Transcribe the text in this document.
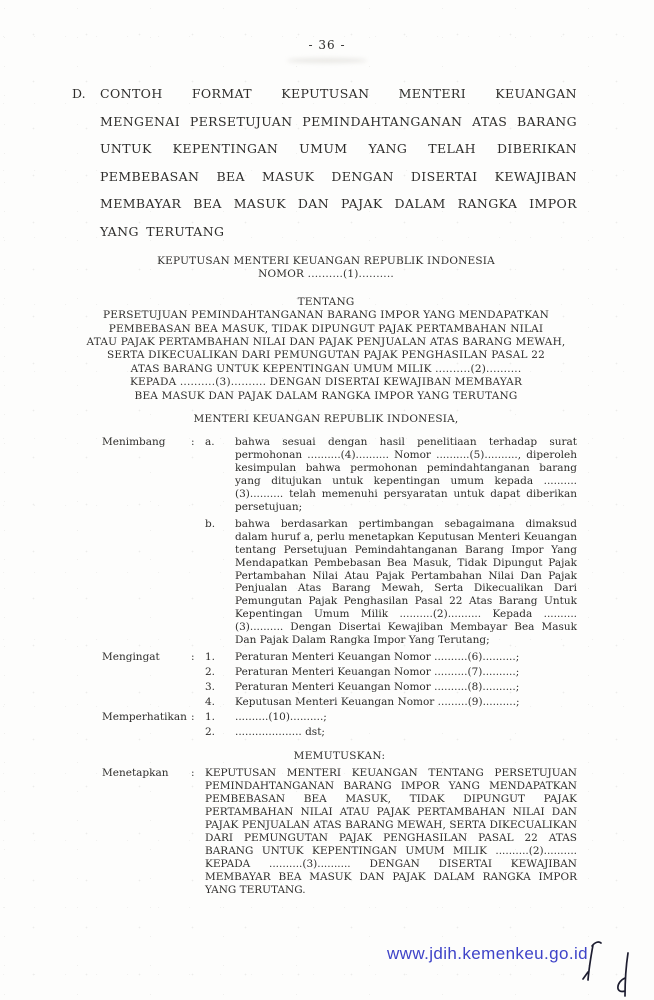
- 36 -
D.	CONTOH FORMAT KEPUTUSAN MENTERI KEUANGAN MENGENAI PERSETUJUAN PEMINDAHTANGANAN ATAS BARANG UNTUK KEPENTINGAN UMUM YANG TELAH DIBERIKAN PEMBEBASAN BEA MASUK DENGAN DISERTAI KEWAJIBAN MEMBAYAR BEA MASUK DAN PAJAK DALAM RANGKA IMPOR YANG TERUTANG

KEPUTUSAN MENTERI KEUANGAN REPUBLIK INDONESIA

NOMOR ..........(1)..........

TENTANG

PERSETUJUAN PEMINDAHTANGANAN BARANG IMPOR YANG MENDAPATKAN

PEMBEBASAN BEA MASUK, TIDAK DIPUNGUT PAJAK PERTAMBAHAN NILAI

ATAU PAJAK PERTAMBAHAN NILAI DAN PAJAK PENJUALAN ATAS BARANG MEWAH,

SERTA DIKECUALIKAN DARI PEMUNGUTAN PAJAK PENGHASILAN PASAL 22

ATAS BARANG UNTUK KEPENTINGAN UMUM MILIK ..........(2)..........

KEPADA ..........(3).......... DENGAN DISERTAI KEWAJIBAN MEMBAYAR

BEA MASUK DAN PAJAK DALAM RANGKA IMPOR YANG TERUTANG

MENTERI KEUANGAN REPUBLIK INDONESIA,

Menimbang	: a.	bahwa sesuai dengan hasil penelitiaan terhadap surat permohonan ..........(4).......... Nomor ..........(5).........., diperoleh kesimpulan bahwa permohonan pemindahtanganan barang yang ditujukan untuk kepentingan umum kepada ..........(3).......... telah memenuhi persyaratan untuk dapat diberikan persetujuan;

b.	bahwa berdasarkan pertimbangan sebagaimana dimaksud dalam huruf a, perlu menetapkan Keputusan Menteri Keuangan tentang Persetujuan Pemindahtanganan Barang Impor Yang Mendapatkan Pembebasan Bea Masuk, Tidak Dipungut Pajak Pertambahan Nilai Atau Pajak Pertambahan Nilai Dan Pajak Penjualan Atas Barang Mewah, Serta Dikecualikan Dari Pemungutan Pajak Penghasilan Pasal 22 Atas Barang Untuk Kepentingan Umum Milik ..........(2).......... Kepada ..........(3).......... Dengan Disertai Kewajiban Membayar Bea Masuk Dan Pajak Dalam Rangka Impor Yang Terutang;

Mengingat	: 1.	Peraturan Menteri Keuangan Nomor ..........(6)..........;

2.	Peraturan Menteri Keuangan Nomor ..........(7)..........;

3.	Peraturan Menteri Keuangan Nomor ..........(8)..........;

4.	Keputusan Menteri Keuangan Nomor .........(9)..........;

Memperhatikan : 1.	..........(10)..........;

2.	.................... dst;

MEMUTUSKAN:
Menetapkan	: KEPUTUSAN MENTERI KEUANGAN TENTANG PERSETUJUAN PEMINDAHTANGANAN BARANG IMPOR YANG MENDAPATKAN PEMBEBASAN BEA MASUK, TIDAK DIPUNGUT PAJAK PERTAMBAHAN NILAI ATAU PAJAK PERTAMBAHAN NILAI DAN PAJAK PENJUALAN ATAS BARANG MEWAH, SERTA DIKECUALIKAN DARI PEMUNGUTAN PAJAK PENGHASILAN PASAL 22 ATAS BARANG UNTUK KEPENTINGAN UMUM MILIK ..........(2).......... KEPADA ..........(3).......... DENGAN DISERTAI KEWAJIBAN MEMBAYAR BEA MASUK DAN PAJAK DALAM RANGKA IMPOR YANG TERUTANG.

www.jdih.kemenkeu.go.id
